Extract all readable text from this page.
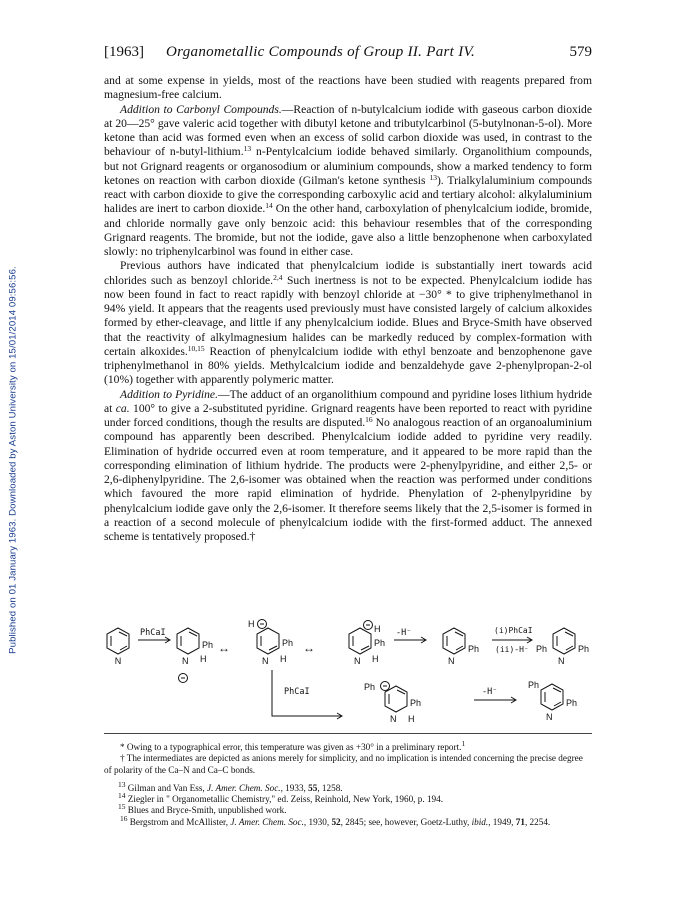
Published on 01 January 1963. Downloaded by Aston University on 15/01/2014 09:56:56.
[1963] Organometallic Compounds of Group II. Part IV.	579

and at some expense in yields, most of the reactions have been studied with reagents prepared from magnesium-free calcium.

Addition to Carbonyl Compounds.—Reaction of n-butylcalcium iodide with gaseous carbon dioxide at 20—25° gave valeric acid together with dibutyl ketone and tributylcarbinol (5-butylnonan-5-ol). More ketone than acid was formed even when an excess of solid carbon dioxide was used, in contrast to the behaviour of n-butyl-lithium.$^{13}$ n-Pentylcalcium iodide behaved similarly. Organolithium compounds, but not Grignard reagents or organosodium or aluminium compounds, show a marked tendency to form ketones on reaction with carbon dioxide (Gilman's ketone synthesis $^{13}$). Trialkylaluminium compounds react with carbon dioxide to give the corresponding carboxylic acid and tertiary alcohol: alkylaluminium halides are inert to carbon dioxide.$^{14}$ On the other hand, carboxylation of phenylcalcium iodide, bromide, and chloride normally gave only benzoic acid: this behaviour resembles that of the corresponding Grignard reagents. The bromide, but not the iodide, gave also a little benzophenone when carboxylated slowly: no triphenylcarbinol was found in either case.

Previous authors have indicated that phenylcalcium iodide is substantially inert towards acid chlorides such as benzoyl chloride.$^{2,4}$ Such inertness is not to be expected. Phenylcalcium iodide has now been found in fact to react rapidly with benzoyl chloride at −30° * to give triphenylmethanol in 94% yield. It appears that the reagents used previously must have consisted largely of calcium alkoxides formed by ether-cleavage, and little if any phenylcalcium iodide. Blues and Bryce-Smith have observed that the reactivity of alkylmagnesium halides can be markedly reduced by complex-formation with certain alkoxides.$^{10,15}$ Reaction of phenylcalcium iodide with ethyl benzoate and benzophenone gave triphenylmethanol in 80% yields. Methylcalcium iodide and benzaldehyde gave 2-phenylpropan-2-ol (10%) together with apparently polymeric matter.

Addition to Pyridine.—The adduct of an organolithium compound and pyridine loses lithium hydride at ca. 100° to give a 2-substituted pyridine. Grignard reagents have been reported to react with pyridine under forced conditions, though the results are disputed.$^{16}$ No analogous reaction of an organoaluminium compound has apparently been described. Phenylcalcium iodide added to pyridine very readily. Elimination of hydride occurred even at room temperature, and it appeared to be more rapid than the corresponding elimination of lithium hydride. The products were 2-phenylpyridine, and either 2,5- or 2,6-diphenylpyridine. The 2,6-isomer was obtained when the reaction was performed under conditions which favoured the more rapid elimination of hydride. Phenylation of 2-phenylpyridine by phenylcalcium iodide gave only the 2,6-isomer. It therefore seems likely that the 2,5-isomer is formed in a reaction of a second molecule of phenylcalcium iodide with the first-formed adduct. The annexed scheme is tentatively proposed.†

N
PhCaI
Ph
N H
↔
H
Ph
N H
↔
H
Ph
N H
-H⁻
Ph
N
(i)PhCaI
(ii)-H⁻ Ph	Ph
N
PhCaI	Ph
Ph
N H
-H⁻
Ph
Ph
N

* Owing to a typographical error, this temperature was given as +30° in a preliminary report.$^1$

† The intermediates are depicted as anions merely for simplicity, and no implication is intended concerning the precise degree of polarity of the Ca–N and Ca–C bonds.

$^{13}$ Gilman and Van Ess, J. Amer. Chem. Soc., 1933, 55, 1258.

$^{14}$ Ziegler in " Organometallic Chemistry," ed. Zeiss, Reinhold, New York, 1960, p. 194.

$^{15}$ Blues and Bryce-Smith, unpublished work.

$^{16}$ Bergstrom and McAllister, J. Amer. Chem. Soc., 1930, 52, 2845; see, however, Goetz-Luthy, ibid., 1949, 71, 2254.
